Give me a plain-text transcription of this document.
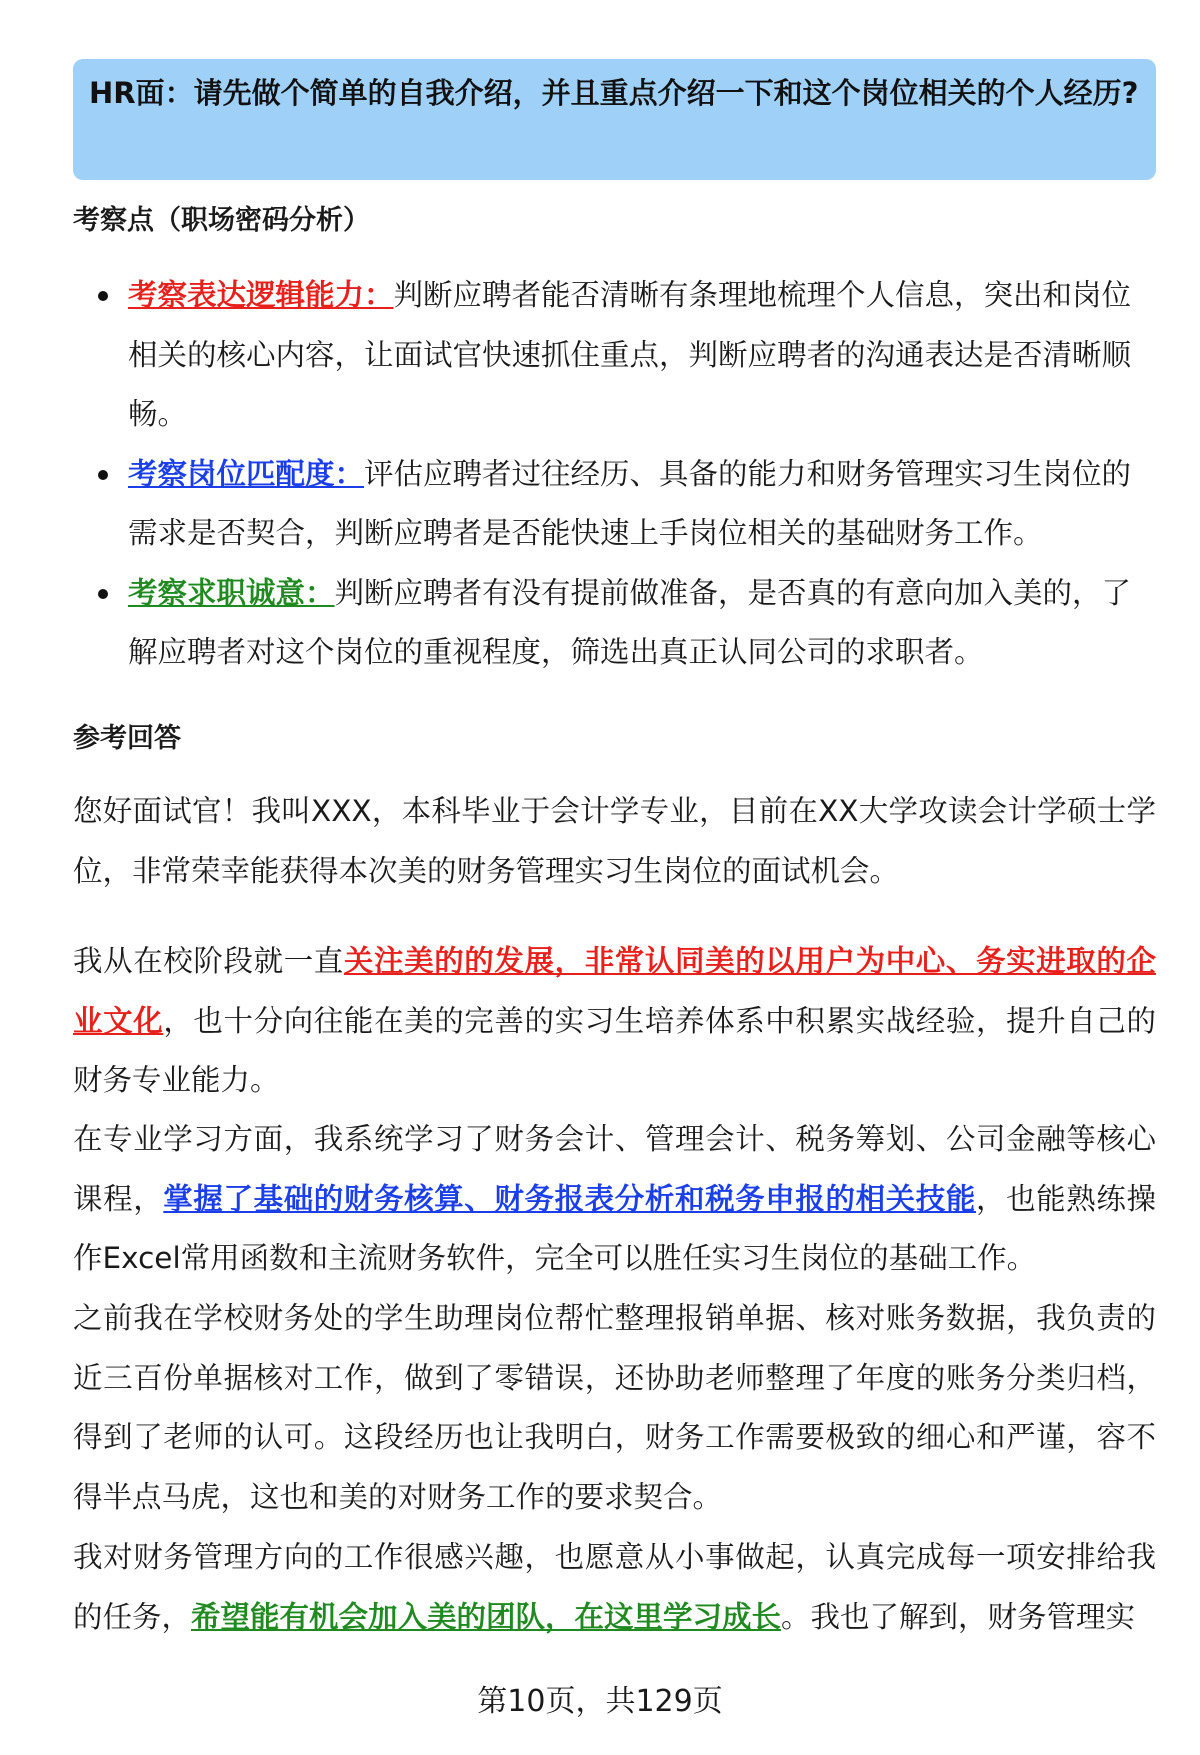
HR面：请先做个简单的自我介绍，并且重点介绍一下和这个岗位相关的个人经历?
考察点（职场密码分析）
考察表达逻辑能力：判断应聘者能否清晰有条理地梳理个人信息，突出和岗位相关的核心内容，让面试官快速抓住重点，判断应聘者的沟通表达是否清晰顺畅。
考察岗位匹配度：评估应聘者过往经历、具备的能力和财务管理实习生岗位的需求是否契合，判断应聘者是否能快速上手岗位相关的基础财务工作。
考察求职诚意：判断应聘者有没有提前做准备，是否真的有意向加入美的，了解应聘者对这个岗位的重视程度，筛选出真正认同公司的求职者。
参考回答

您好面试官！我叫XXX，本科毕业于会计学专业，目前在XX大学攻读会计学硕士学位，非常荣幸能获得本次美的财务管理实习生岗位的面试机会。

我从在校阶段就一直关注美的的发展，非常认同美的以用户为中心、务实进取的企业文化，也十分向往能在美的完善的实习生培养体系中积累实战经验，提升自己的财务专业能力。

在专业学习方面，我系统学习了财务会计、管理会计、税务筹划、公司金融等核心课程，掌握了基础的财务核算、财务报表分析和税务申报的相关技能，也能熟练操作Excel常用函数和主流财务软件，完全可以胜任实习生岗位的基础工作。

之前我在学校财务处的学生助理岗位帮忙整理报销单据、核对账务数据，我负责的近三百份单据核对工作，做到了零错误，还协助老师整理了年度的账务分类归档，得到了老师的认可。这段经历也让我明白，财务工作需要极致的细心和严谨，容不得半点马虎，这也和美的对财务工作的要求契合。

我对财务管理方向的工作很感兴趣，也愿意从小事做起，认真完成每一项安排给我的任务，希望能有机会加入美的团队，在这里学习成长。我也了解到，财务管理实

第10页，共129页
